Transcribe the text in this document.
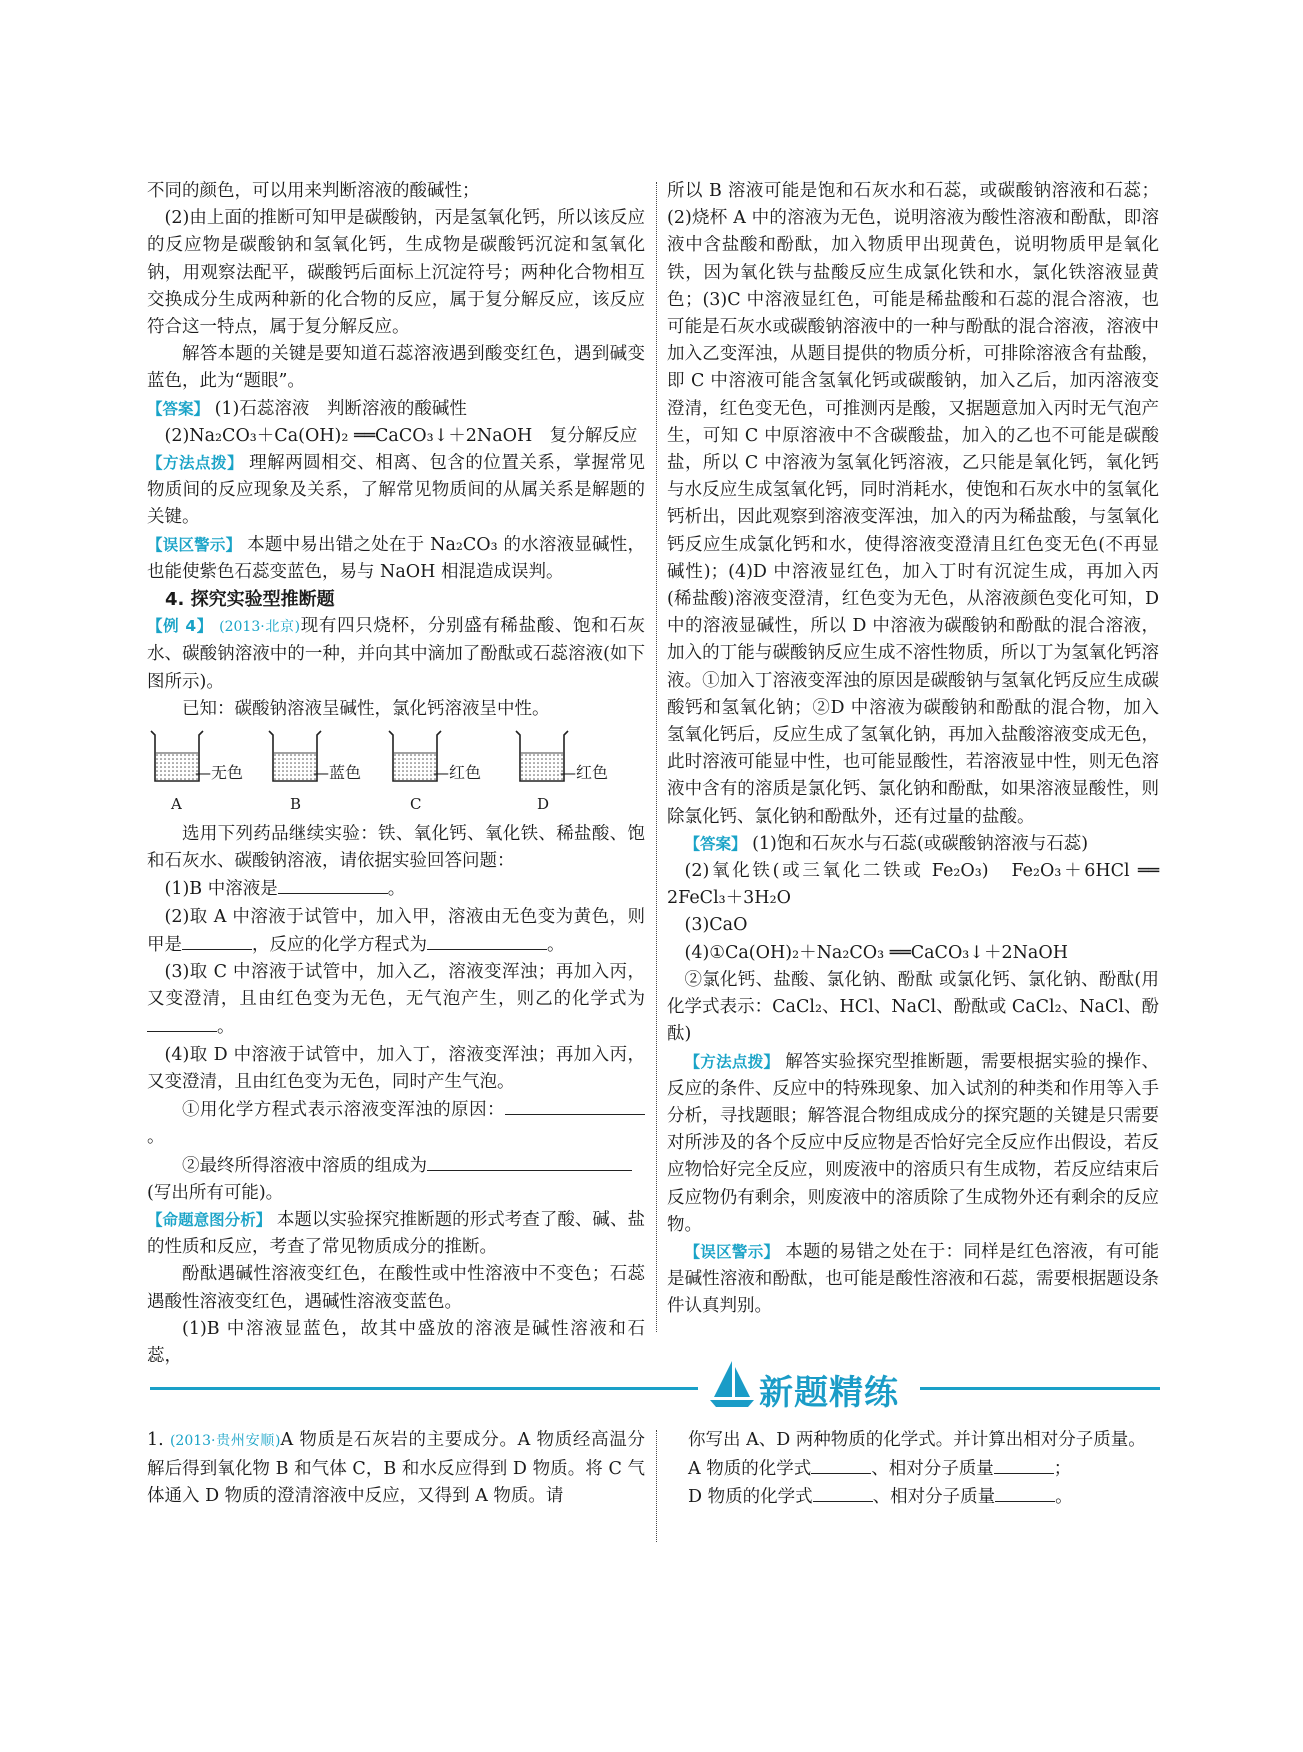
不同的颜色，可以用来判断溶液的酸碱性；

(2)由上面的推断可知甲是碳酸钠，丙是氢氧化钙，所以该反应的反应物是碳酸钠和氢氧化钙，生成物是碳酸钙沉淀和氢氧化钠，用观察法配平，碳酸钙后面标上沉淀符号；两种化合物相互交换成分生成两种新的化合物的反应，属于复分解反应，该反应符合这一特点，属于复分解反应。

解答本题的关键是要知道石蕊溶液遇到酸变红色，遇到碱变蓝色，此为“题眼”。

【答案】 (1)石蕊溶液　判断溶液的酸碱性

(2)Na₂CO₃＋Ca(OH)₂ ══CaCO₃↓＋2NaOH　复分解反应

【方法点拨】 理解两圆相交、相离、包含的位置关系，掌握常见物质间的反应现象及关系，了解常见物质间的从属关系是解题的关键。

【误区警示】 本题中易出错之处在于 Na₂CO₃ 的水溶液显碱性，也能使紫色石蕊变蓝色，易与 NaOH 相混造成误判。

4. 探究实验型推断题

【例 4】 (2013·北京)现有四只烧杯，分别盛有稀盐酸、饱和石灰水、碳酸钠溶液中的一种，并向其中滴加了酚酞或石蕊溶液(如下图所示)。

已知：碳酸钠溶液呈碱性，氯化钙溶液呈中性。

—无色
A
—蓝色
B
—红色
C
—红色
D

选用下列药品继续实验：铁、氧化钙、氧化铁、稀盐酸、饱和石灰水、碳酸钠溶液，请依据实验回答问题：

(1)B 中溶液是	。

(2)取 A 中溶液于试管中，加入甲，溶液由无色变为黄色，则甲是	，反应的化学方程式为	。

(3)取 C 中溶液于试管中，加入乙，溶液变浑浊；再加入丙，又变澄清，且由红色变为无色，无气泡产生，则乙的化学式为。

(4)取 D 中溶液于试管中，加入丁，溶液变浑浊；再加入丙，又变澄清，且由红色变为无色，同时产生气泡。

①用化学方程式表示溶液变浑浊的原因：。

②最终所得溶液中溶质的组成为

(写出所有可能)。

【命题意图分析】 本题以实验探究推断题的形式考查了酸、碱、盐的性质和反应，考查了常见物质成分的推断。

酚酞遇碱性溶液变红色，在酸性或中性溶液中不变色；石蕊遇酸性溶液变红色，遇碱性溶液变蓝色。

(1)B 中溶液显蓝色，故其中盛放的溶液是碱性溶液和石蕊，

所以 B 溶液可能是饱和石灰水和石蕊，或碳酸钠溶液和石蕊；(2)烧杯 A 中的溶液为无色，说明溶液为酸性溶液和酚酞，即溶液中含盐酸和酚酞，加入物质甲出现黄色，说明物质甲是氧化铁，因为氧化铁与盐酸反应生成氯化铁和水，氯化铁溶液显黄色；(3)C 中溶液显红色，可能是稀盐酸和石蕊的混合溶液，也可能是石灰水或碳酸钠溶液中的一种与酚酞的混合溶液，溶液中加入乙变浑浊，从题目提供的物质分析，可排除溶液含有盐酸，即 C 中溶液可能含氢氧化钙或碳酸钠，加入乙后，加丙溶液变澄清，红色变无色，可推测丙是酸，又据题意加入丙时无气泡产生，可知 C 中原溶液中不含碳酸盐，加入的乙也不可能是碳酸盐，所以 C 中溶液为氢氧化钙溶液，乙只能是氧化钙，氧化钙与水反应生成氢氧化钙，同时消耗水，使饱和石灰水中的氢氧化钙析出，因此观察到溶液变浑浊，加入的丙为稀盐酸，与氢氧化钙反应生成氯化钙和水，使得溶液变澄清且红色变无色(不再显碱性)；(4)D 中溶液显红色，加入丁时有沉淀生成，再加入丙(稀盐酸)溶液变澄清，红色变为无色，从溶液颜色变化可知，D 中的溶液显碱性，所以 D 中溶液为碳酸钠和酚酞的混合溶液，加入的丁能与碳酸钠反应生成不溶性物质，所以丁为氢氧化钙溶液。①加入丁溶液变浑浊的原因是碳酸钠与氢氧化钙反应生成碳酸钙和氢氧化钠；②D 中溶液为碳酸钠和酚酞的混合物，加入氢氧化钙后，反应生成了氢氧化钠，再加入盐酸溶液变成无色，此时溶液可能显中性，也可能显酸性，若溶液显中性，则无色溶液中含有的溶质是氯化钙、氯化钠和酚酞，如果溶液显酸性，则除氯化钙、氯化钠和酚酞外，还有过量的盐酸。

【答案】 (1)饱和石灰水与石蕊(或碳酸钠溶液与石蕊)

(2)氧化铁(或三氧化二铁或 Fe₂O₃)　Fe₂O₃＋6HCl ══ 2FeCl₃＋3H₂O

(3)CaO

(4)①Ca(OH)₂＋Na₂CO₃ ══CaCO₃↓＋2NaOH

②氯化钙、盐酸、氯化钠、酚酞 或氯化钙、氯化钠、酚酞(用化学式表示：CaCl₂、HCl、NaCl、酚酞或 CaCl₂、NaCl、酚酞)

【方法点拨】 解答实验探究型推断题，需要根据实验的操作、反应的条件、反应中的特殊现象、加入试剂的种类和作用等入手分析，寻找题眼；解答混合物组成成分的探究题的关键是只需要对所涉及的各个反应中反应物是否恰好完全反应作出假设，若反应物恰好完全反应，则废液中的溶质只有生成物，若反应结束后反应物仍有剩余，则废液中的溶质除了生成物外还有剩余的反应物。

【误区警示】 本题的易错之处在于：同样是红色溶液，有可能是碱性溶液和酚酞，也可能是酸性溶液和石蕊，需要根据题设条件认真判别。

新题精练

1. (2013·贵州安顺)A 物质是石灰岩的主要成分。A 物质经高温分解后得到氧化物 B 和气体 C，B 和水反应得到 D 物质。将 C 气体通入 D 物质的澄清溶液中反应，又得到 A 物质。请

你写出 A、D 两种物质的化学式。并计算出相对分子质量。

A 物质的化学式	、相对分子质量	；

D 物质的化学式	、相对分子质量	。
